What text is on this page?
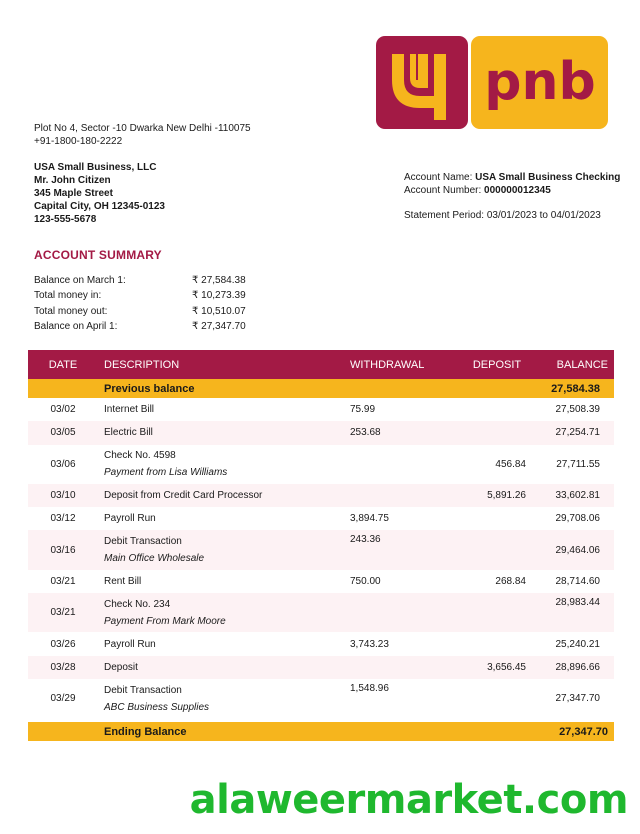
pnb
Plot No 4, Sector -10 Dwarka New Delhi -110075
+91-1800-180-2222
USA Small Business, LLC
Mr. John Citizen
345 Maple Street
Capital City, OH 12345-0123
123-555-5678
Account Name: USA Small Business Checking
Account Number: 000000012345
Statement Period: 03/01/2023 to 04/01/2023
ACCOUNT SUMMARY
Balance on March 1:	₹ 27,584.38
Total money in:	₹ 10,273.39
Total money out:	₹ 10,510.07
Balance on April 1:	₹ 27,347.70
DATE	DESCRIPTION	WITHDRAWAL	DEPOSIT	BALANCE
	Previous balance			27,584.38
03/02	Internet Bill	75.99		27,508.39
03/05	Electric Bill	253.68		27,254.71
03/06	Check No. 4598
Payment from Lisa Williams		456.84	27,711.55
03/10	Deposit from Credit Card Processor		5,891.26	33,602.81
03/12	Payroll Run	3,894.75		29,708.06
03/16	Debit Transaction
Main Office Wholesale	243.36		29,464.06
03/21	Rent Bill	750.00	268.84	28,714.60
03/21	Check No. 234
Payment From Mark Moore			28,983.44
03/26	Payroll Run	3,743.23		25,240.21
03/28	Deposit		3,656.45	28,896.66
03/29	Debit Transaction
ABC Business Supplies	1,548.96		27,347.70

	Ending Balance			27,347.70
alaweermarket.com
